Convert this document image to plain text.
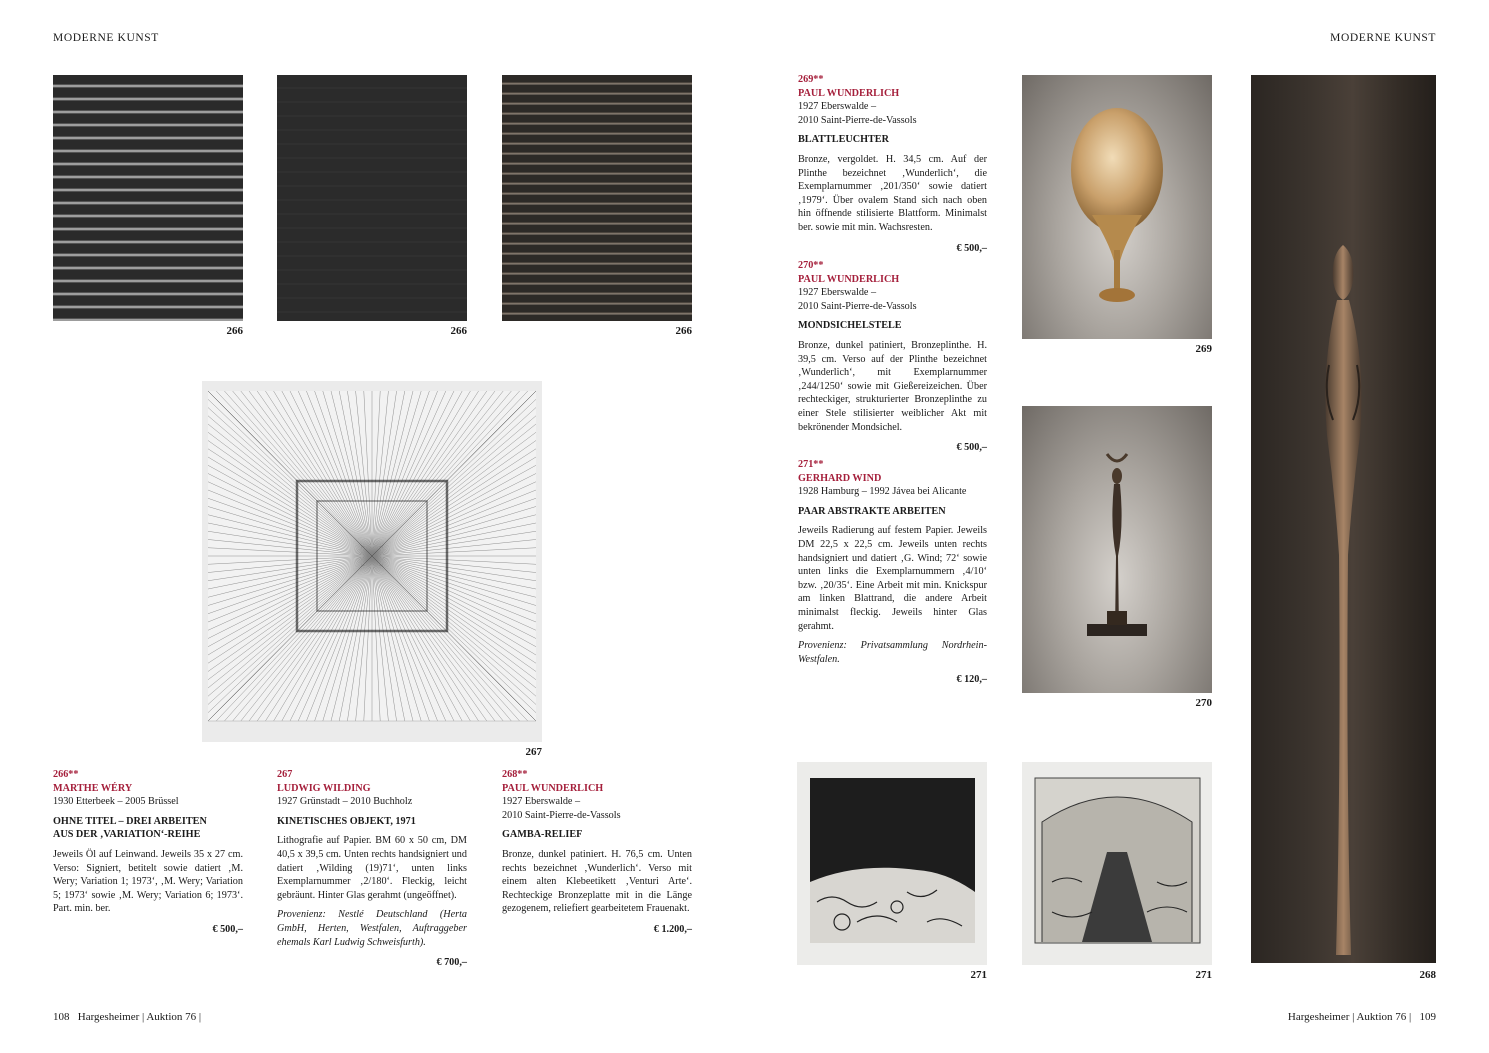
MODERNE KUNST	MODERNE KUNST
266	266	266
267
266**
MARTHE WÉRY
1930 Etterbeek – 2005 Brüssel
OHNE TITEL – DREI ARBEITEN
AUS DER ‚VARIATION‘-REIHE
Jeweils Öl auf Leinwand. Jeweils 35 x 27 cm. Verso: Signiert, betitelt sowie datiert ‚M. Wery; Variation 1; 1973‘, ‚M. Wery; Variation 5; 1973‘ sowie ‚M. Wery; Variation 6; 1973‘. Part. min. ber.
€ 500,–
267
LUDWIG WILDING
1927 Grünstadt – 2010 Buchholz
KINETISCHES OBJEKT, 1971
Lithografie auf Papier. BM 60 x 50 cm, DM 40,5 x 39,5 cm. Unten rechts handsigniert und datiert ‚Wilding (19)71‘, unten links Exemplarnummer ‚2/180‘. Fleckig, leicht gebräunt. Hinter Glas gerahmt (ungeöffnet).
Provenienz: Nestlé Deutschland (Herta GmbH, Herten, Westfalen, Auftraggeber ehemals Karl Ludwig Schweisfurth).
€ 700,–
268**
PAUL WUNDERLICH
1927 Eberswalde –
2010 Saint-Pierre-de-Vassols
GAMBA-RELIEF
Bronze, dunkel patiniert. H. 76,5 cm. Unten rechts bezeichnet ‚Wunderlich‘. Verso mit einem alten Klebeetikett ‚Venturi Arte‘. Rechteckige Bronzeplatte mit in die Länge gezogenem, reliefiert gearbeitetem Frauenakt.
€ 1.200,–
269**
PAUL WUNDERLICH
1927 Eberswalde –
2010 Saint-Pierre-de-Vassols
BLATTLEUCHTER
Bronze, vergoldet. H. 34,5 cm. Auf der Plinthe bezeichnet ‚Wunderlich‘, die Exemplarnummer ‚201/350‘ sowie datiert ‚1979‘. Über ovalem Stand sich nach oben hin öffnende stilisierte Blattform. Minimalst ber. sowie mit min. Wachsresten.
€ 500,–
270**
PAUL WUNDERLICH
1927 Eberswalde –
2010 Saint-Pierre-de-Vassols
MONDSICHELSTELE
Bronze, dunkel patiniert, Bronzeplinthe. H. 39,5 cm. Verso auf der Plinthe bezeichnet ‚Wunderlich‘, mit Exemplarnummer ‚244/1250‘ sowie mit Gießereizeichen. Über rechteckiger, strukturierter Bronzeplinthe zu einer Stele stilisierter weiblicher Akt mit bekrönender Mondsichel.
€ 500,–
271**
GERHARD WIND
1928 Hamburg – 1992 Jávea bei Alicante
PAAR ABSTRAKTE ARBEITEN
Jeweils Radierung auf festem Papier. Jeweils DM 22,5 x 22,5 cm. Jeweils unten rechts handsigniert und datiert ‚G. Wind; 72‘ sowie unten links die Exemplarnummern ‚4/10‘ bzw. ‚20/35‘. Eine Arbeit mit min. Knickspur am linken Blattrand, die andere Arbeit minimalst fleckig. Jeweils hinter Glas gerahmt.
Provenienz: Privatsammlung Nordrhein-Westfalen.
€ 120,–
269
270
271	271	268
108 Hargesheimer | Auktion 76 |	Hargesheimer | Auktion 76 | 109
